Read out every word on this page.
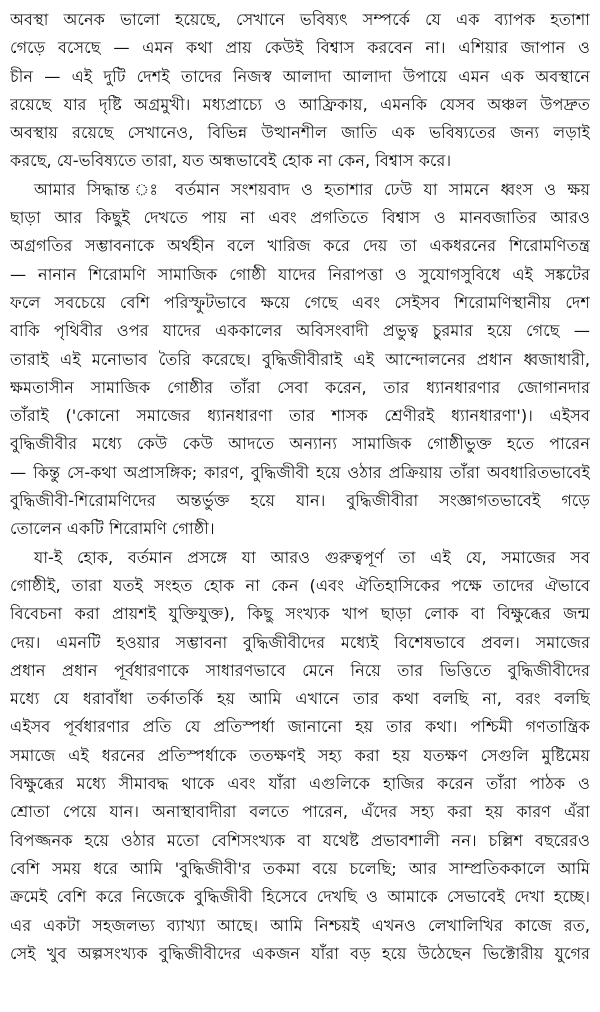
অবস্থা অনেক ভালো হয়েছে, সেখানে ভবিষ্যৎ সম্পর্কে যে এক ব্যাপক হতাশা
গেড়ে বসেছে — এমন কথা প্রায় কেউই বিশ্বাস করবেন না। এশিয়ার জাপান ও
চীন — এই দুটি দেশই তাদের নিজস্ব আলাদা আলাদা উপায়ে এমন এক অবস্থানে
রয়েছে যার দৃষ্টি অগ্রমুখী। মধ্যপ্রাচ্যে ও আফ্রিকায়, এমনকি যেসব অঞ্চল উপদ্রুত
অবস্থায় রয়েছে সেখানেও, বিভিন্ন উত্থানশীল জাতি এক ভবিষ্যতের জন্য লড়াই
করছে, যে-ভবিষ্যতে তারা, যত অন্ধভাবেই হোক না কেন, বিশ্বাস করে।
আমার সিদ্ধান্ত ঃ বর্তমান সংশয়বাদ ও হতাশার ঢেউ যা সামনে ধ্বংস ও ক্ষয়
ছাড়া আর কিছুই দেখতে পায় না এবং প্রগতিতে বিশ্বাস ও মানবজাতির আরও
অগ্রগতির সম্ভাবনাকে অর্থহীন বলে খারিজ করে দেয় তা একধরনের শিরোমণিতন্ত্র
— নানান শিরোমণি সামাজিক গোষ্ঠী যাদের নিরাপত্তা ও সুযোগসুবিধে এই সঙ্কটের
ফলে সবচেয়ে বেশি পরিস্ফুটভাবে ক্ষয়ে গেছে এবং সেইসব শিরোমণিস্থানীয় দেশ
বাকি পৃথিবীর ওপর যাদের এককালের অবিসংবাদী প্রভুত্ব চুরমার হয়ে গেছে —
তারাই এই মনোভাব তৈরি করেছে। বুদ্ধিজীবীরাই এই আন্দোলনের প্রধান ধ্বজাধারী,
ক্ষমতাসীন সামাজিক গোষ্ঠীর তাঁরা সেবা করেন, তার ধ্যানধারণার জোগানদার
তাঁরাই ('কোনো সমাজের ধ্যানধারণা তার শাসক শ্রেণীরই ধ্যানধারণা')। এইসব
বুদ্ধিজীবীর মধ্যে কেউ কেউ আদতে অন্যান্য সামাজিক গোষ্ঠীভুক্ত হতে পারেন
— কিন্তু সে-কথা অপ্রাসঙ্গিক; কারণ, বুদ্ধিজীবী হয়ে ওঠার প্রক্রিয়ায় তাঁরা অবধারিতভাবেই
বুদ্ধিজীবী-শিরোমণিদের অন্তর্ভুক্ত হয়ে যান। বুদ্ধিজীবীরা সংজ্ঞাগতভাবেই গড়ে
তোলেন একটি শিরোমণি গোষ্ঠী।
যা-ই হোক, বর্তমান প্রসঙ্গে যা আরও গুরুত্বপূর্ণ তা এই যে, সমাজের সব
গোষ্ঠীই, তারা যতই সংহত হোক না কেন (এবং ঐতিহাসিকের পক্ষে তাদের ঐভাবে
বিবেচনা করা প্রায়শই যুক্তিযুক্ত), কিছু সংখ্যক খাপ ছাড়া লোক বা বিক্ষুব্ধের জন্ম
দেয়। এমনটি হওয়ার সম্ভাবনা বুদ্ধিজীবীদের মধ্যেই বিশেষভাবে প্রবল। সমাজের
প্রধান প্রধান পূর্বধারণাকে সাধারণভাবে মেনে নিয়ে তার ভিত্তিতে বুদ্ধিজীবীদের
মধ্যে যে ধরাবাঁধা তর্কাতর্কি হয় আমি এখানে তার কথা বলছি না, বরং বলছি
এইসব পূর্বধারণার প্রতি যে প্রতিস্পর্ধা জানানো হয় তার কথা। পশ্চিমী গণতান্ত্রিক
সমাজে এই ধরনের প্রতিস্পর্ধাকে ততক্ষণই সহ্য করা হয় যতক্ষণ সেগুলি মুষ্টিমেয়
বিক্ষুব্ধের মধ্যে সীমাবদ্ধ থাকে এবং যাঁরা এগুলিকে হাজির করেন তাঁরা পাঠক ও
শ্রোতা পেয়ে যান। অনাস্থাবাদীরা বলতে পারেন, এঁদের সহ্য করা হয় কারণ এঁরা
বিপজ্জনক হয়ে ওঠার মতো বেশিসংখ্যক বা যথেষ্ট প্রভাবশালী নন। চল্লিশ বছরেরও
বেশি সময় ধরে আমি 'বুদ্ধিজীবী'র তকমা বয়ে চলেছি; আর সাম্প্রতিককালে আমি
ক্রমেই বেশি করে নিজেকে বুদ্ধিজীবী হিসেবে দেখছি ও আমাকে সেভাবেই দেখা হচ্ছে।
এর একটা সহজলভ্য ব্যাখ্যা আছে। আমি নিশ্চয়ই এখনও লেখালিখির কাজে রত,
সেই খুব অল্পসংখ্যক বুদ্ধিজীবীদের একজন যাঁরা বড় হয়ে উঠেছেন ভিক্টোরীয় যুগের
